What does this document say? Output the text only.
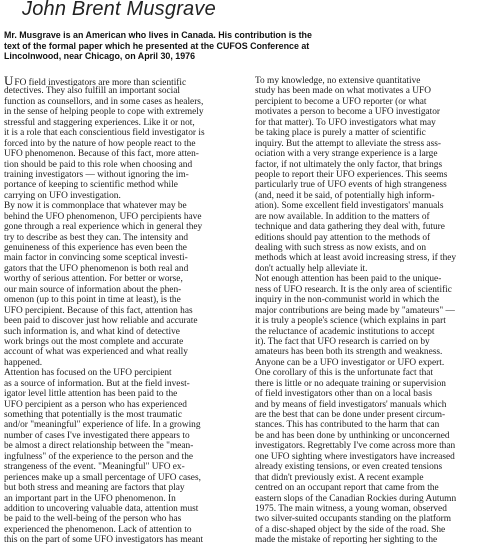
John Brent Musgrave
Mr. Musgrave is an American who lives in Canada. His contribution is the
text of the formal paper which he presented at the CUFOS Conference at
Lincolnwood, near Chicago, on April 30, 1976
UFO field investigators are more than scientific
detectives. They also fulfill an important social
function as counsellors, and in some cases as healers,
in the sense of helping people to cope with extremely
stressful and staggering experiences. Like it or not,
it is a role that each conscientious field investigator is
forced into by the nature of how people react to the
UFO phenomenon. Because of this fact, more atten-
tion should be paid to this role when choosing and
training investigators — without ignoring the im-
portance of keeping to scientific method while
carrying on UFO investigation.
By now it is commonplace that whatever may be
behind the UFO phenomenon, UFO percipients have
gone through a real experience which in general they
try to describe as best they can. The intensity and
genuineness of this experience has even been the
main factor in convincing some sceptical investi-
gators that the UFO phenomenon is both real and
worthy of serious attention. For better or worse,
our main source of information about the phen-
omenon (up to this point in time at least), is the
UFO percipient. Because of this fact, attention has
been paid to discover just how reliable and accurate
such information is, and what kind of detective
work brings out the most complete and accurate
account of what was experienced and what really
happened.
Attention has focused on the UFO percipient
as a source of information. But at the field invest-
igator level little attention has been paid to the
UFO percipient as a person who has experienced
something that potentially is the most traumatic
and/or "meaningful" experience of life. In a growing
number of cases I've investigated there appears to
be almost a direct relationship between the "mean-
ingfulness" of the experience to the person and the
strangeness of the event. "Meaningful" UFO ex-
periences make up a small percentage of UFO cases,
but both stress and meaning are factors that play
an important part in the UFO phenomenon. In
addition to uncovering valuable data, attention must
be paid to the well-being of the person who has
experienced the phenomenon. Lack of attention to
this on the part of some UFO investigators has meant
To my knowledge, no extensive quantitative
study has been made on what motivates a UFO
percipient to become a UFO reporter (or what
motivates a person to become a UFO investigator
for that matter). To UFO investigators what may
be taking place is purely a matter of scientific
inquiry. But the attempt to alleviate the stress ass-
ociation with a very strange experience is a large
factor, if not ultimately the only factor, that brings
people to report their UFO experiences. This seems
particularly true of UFO events of high strangeness
(and, need it be said, of potentially high inform-
ation). Some excellent field investigators' manuals
are now available. In addition to the matters of
technique and data gathering they deal with, future
editions should pay attention to the methods of
dealing with such stress as now exists, and on
methods which at least avoid increasing stress, if they
don't actually help alleviate it.
Not enough attention has been paid to the unique-
ness of UFO research. It is the only area of scientific
inquiry in the non-communist world in which the
major contributions are being made by "amateurs" —
it is truly a people's science (which explains in part
the reluctance of academic institutions to accept
it). The fact that UFO research is carried on by
amateurs has been both its strength and weakness.
Anyone can be a UFO investigator or UFO expert.
One corollary of this is the unfortunate fact that
there is little or no adequate training or supervision
of field investigators other than on a local basis
and by means of field investigators' manuals which
are the best that can be done under present circum-
stances. This has contributed to the harm that can
be and has been done by unthinking or unconcerned
investigators. Regrettably I've come across more than
one UFO sighting where investigators have increased
already existing tensions, or even created tensions
that didn't previously exist. A recent example
centred on an occupant report that came from the
eastern slops of the Canadian Rockies during Autumn
1975. The main witness, a young woman, observed
two silver-suited occupants standing on the platform
of a disc-shaped object by the side of the road. She
made the mistake of reporting her sighting to the
